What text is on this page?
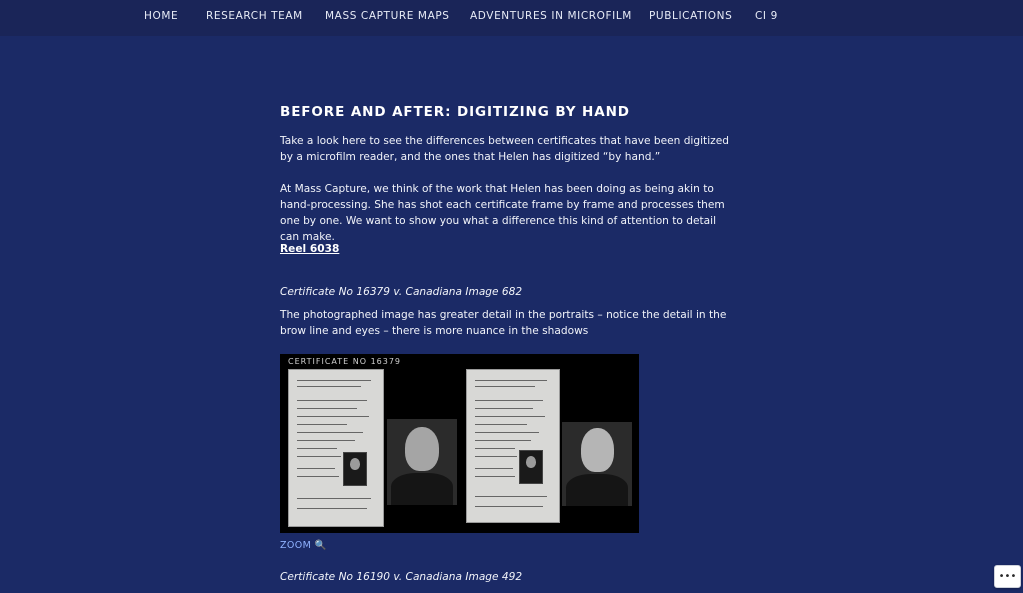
HOME	RESEARCH TEAM MASS CAPTURE MAPS ADVENTURES IN MICROFILM PUBLICATIONS CI 9
BEFORE AND AFTER: DIGITIZING BY HAND

Take a look here to see the differences between certificates that have been digitized by a microfilm reader, and the ones that Helen has digitized “by hand.”

At Mass Capture, we think of the work that Helen has been doing as being akin to hand-processing. She has shot each certificate frame by frame and processes them one by one. We want to show you what a difference this kind of attention to detail can make.

Reel 6038

Certificate No 16379 v. Canadiana Image 682

The photographed image has greater detail in the portraits – notice the detail in the brow line and eyes – there is more nuance in the shadows

CERTIFICATE NO 16379
ZOOM 🔍

Certificate No 16190 v. Canadiana Image 492	•••
